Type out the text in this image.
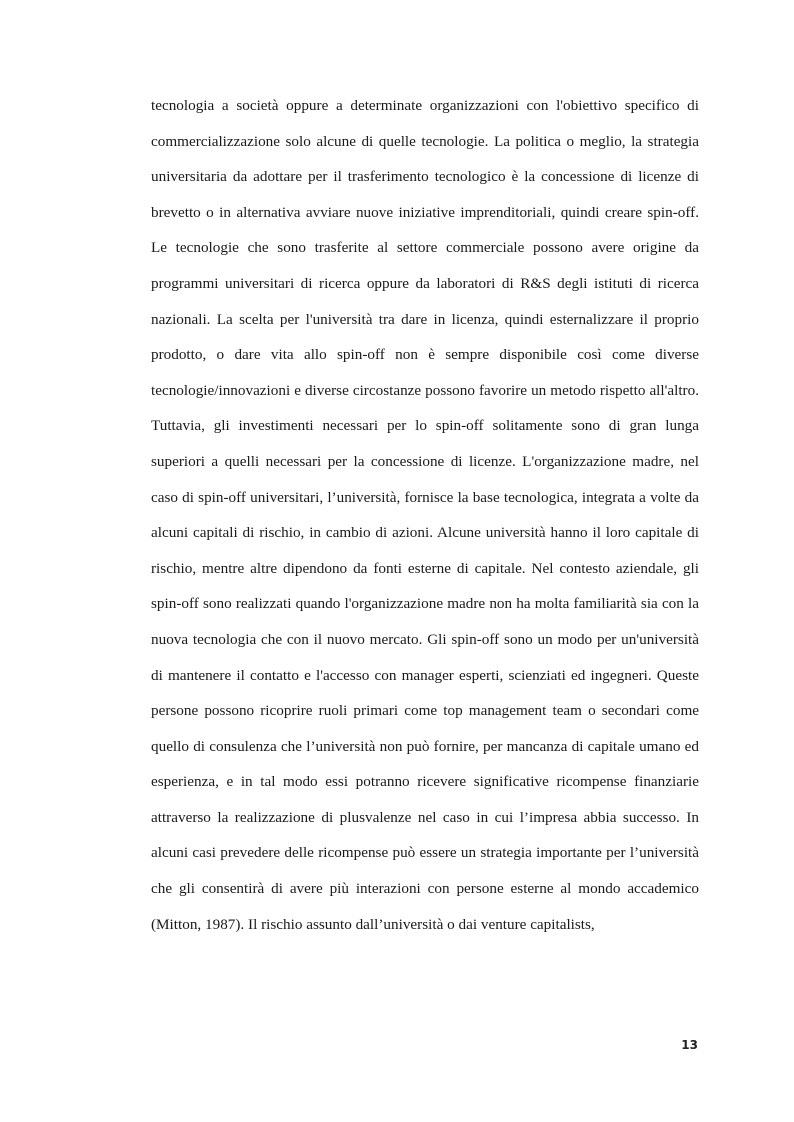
tecnologia a società oppure a determinate organizzazioni con l'obiettivo specifico di commercializzazione solo alcune di quelle tecnologie. La politica o meglio, la strategia universitaria da adottare per il trasferimento tecnologico è la concessione di licenze di brevetto o in alternativa avviare nuove iniziative imprenditoriali, quindi creare spin-off. Le tecnologie che sono trasferite al settore commerciale possono avere origine da programmi universitari di ricerca oppure da laboratori di R&S degli istituti di ricerca nazionali. La scelta per l'università tra dare in licenza, quindi esternalizzare il proprio prodotto, o dare vita allo spin-off non è sempre disponibile così come diverse tecnologie/innovazioni e diverse circostanze possono favorire un metodo rispetto all'altro. Tuttavia, gli investimenti necessari per lo spin-off solitamente sono di gran lunga superiori a quelli necessari per la concessione di licenze. L'organizzazione madre, nel caso di spin-off universitari, l’università, fornisce la base tecnologica, integrata a volte da alcuni capitali di rischio, in cambio di azioni. Alcune università hanno il loro capitale di rischio, mentre altre dipendono da fonti esterne di capitale. Nel contesto aziendale, gli spin-off sono realizzati quando l'organizzazione madre non ha molta familiarità sia con la nuova tecnologia che con il nuovo mercato. Gli spin-off sono un modo per un'università di mantenere il contatto e l'accesso con manager esperti, scienziati ed ingegneri. Queste persone possono ricoprire ruoli primari come top management team o secondari come quello di consulenza che l’università non può fornire, per mancanza di capitale umano ed esperienza, e in tal modo essi potranno ricevere significative ricompense finanziarie attraverso la realizzazione di plusvalenze nel caso in cui l’impresa abbia successo. In alcuni casi prevedere delle ricompense può essere un strategia importante per l’università che gli consentirà di avere più interazioni con persone esterne al mondo accademico (Mitton, 1987). Il rischio assunto dall’università o dai venture capitalists,

13
